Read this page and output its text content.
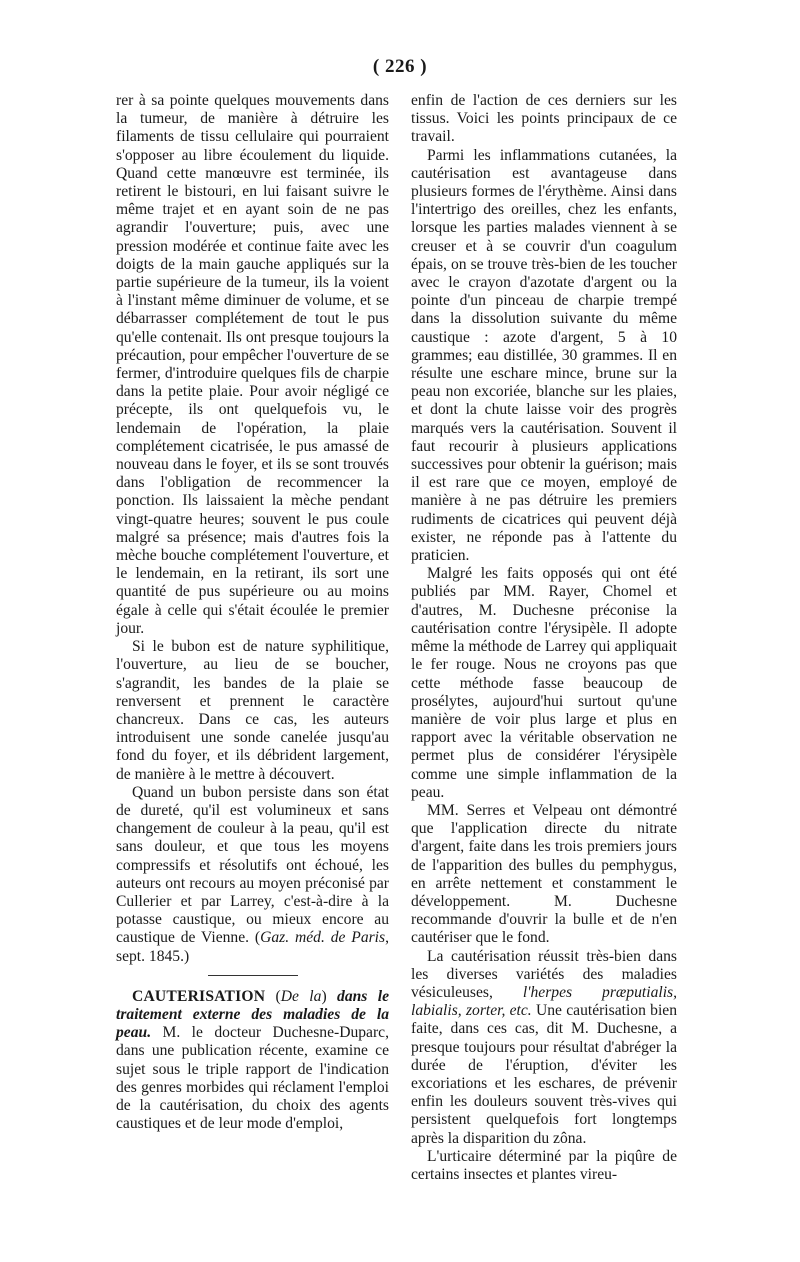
( 226 )

rer à sa pointe quelques mouvements dans la tumeur, de manière à détruire les filaments de tissu cellulaire qui pourraient s'opposer au libre écoulement du liquide. Quand cette manœuvre est terminée, ils retirent le bistouri, en lui faisant suivre le même trajet et en ayant soin de ne pas agrandir l'ouverture; puis, avec une pression modérée et continue faite avec les doigts de la main gauche appliqués sur la partie supérieure de la tumeur, ils la voient à l'instant même diminuer de volume, et se débarrasser complétement de tout le pus qu'elle contenait. Ils ont presque toujours la précaution, pour empêcher l'ouverture de se fermer, d'introduire quelques fils de charpie dans la petite plaie. Pour avoir négligé ce précepte, ils ont quelquefois vu, le lendemain de l'opération, la plaie complétement cicatrisée, le pus amassé de nouveau dans le foyer, et ils se sont trouvés dans l'obligation de recommencer la ponction. Ils laissaient la mèche pendant vingt-quatre heures; souvent le pus coule malgré sa présence; mais d'autres fois la mèche bouche complétement l'ouverture, et le lendemain, en la retirant, ils sort une quantité de pus supérieure ou au moins égale à celle qui s'était écoulée le premier jour.

Si le bubon est de nature syphilitique, l'ouverture, au lieu de se boucher, s'agrandit, les bandes de la plaie se renversent et prennent le caractère chancreux. Dans ce cas, les auteurs introduisent une sonde canelée jusqu'au fond du foyer, et ils débrident largement, de manière à le mettre à découvert.

Quand un bubon persiste dans son état de dureté, qu'il est volumineux et sans changement de couleur à la peau, qu'il est sans douleur, et que tous les moyens compressifs et résolutifs ont échoué, les auteurs ont recours au moyen préconisé par Cullerier et par Larrey, c'est-à-dire à la potasse caustique, ou mieux encore au caustique de Vienne. (Gaz. méd. de Paris, sept. 1845.)

CAUTERISATION (De la) dans le traitement externe des maladies de la peau. M. le docteur Duchesne-Duparc, dans une publication récente, examine ce sujet sous le triple rapport de l'indication des genres morbides qui réclament l'emploi de la cautérisation, du choix des agents caustiques et de leur mode d'emploi,

enfin de l'action de ces derniers sur les tissus. Voici les points principaux de ce travail.

Parmi les inflammations cutanées, la cautérisation est avantageuse dans plusieurs formes de l'érythème. Ainsi dans l'intertrigo des oreilles, chez les enfants, lorsque les parties malades viennent à se creuser et à se couvrir d'un coagulum épais, on se trouve très-bien de les toucher avec le crayon d'azotate d'argent ou la pointe d'un pinceau de charpie trempé dans la dissolution suivante du même caustique : azote d'argent, 5 à 10 grammes; eau distillée, 30 grammes. Il en résulte une eschare mince, brune sur la peau non excoriée, blanche sur les plaies, et dont la chute laisse voir des progrès marqués vers la cautérisation. Souvent il faut recourir à plusieurs applications successives pour obtenir la guérison; mais il est rare que ce moyen, employé de manière à ne pas détruire les premiers rudiments de cicatrices qui peuvent déjà exister, ne réponde pas à l'attente du praticien.

Malgré les faits opposés qui ont été publiés par MM. Rayer, Chomel et d'autres, M. Duchesne préconise la cautérisation contre l'érysipèle. Il adopte même la méthode de Larrey qui appliquait le fer rouge. Nous ne croyons pas que cette méthode fasse beaucoup de prosélytes, aujourd'hui surtout qu'une manière de voir plus large et plus en rapport avec la véritable observation ne permet plus de considérer l'érysipèle comme une simple inflammation de la peau.

MM. Serres et Velpeau ont démontré que l'application directe du nitrate d'argent, faite dans les trois premiers jours de l'apparition des bulles du pemphygus, en arrête nettement et constamment le développement. M. Duchesne recommande d'ouvrir la bulle et de n'en cautériser que le fond.

La cautérisation réussit très-bien dans les diverses variétés des maladies vésiculeuses, l'herpes præputialis, labialis, zorter, etc. Une cautérisation bien faite, dans ces cas, dit M. Duchesne, a presque toujours pour résultat d'abréger la durée de l'éruption, d'éviter les excoriations et les eschares, de prévenir enfin les douleurs souvent très-vives qui persistent quelquefois fort longtemps après la disparition du zôna.

L'urticaire déterminé par la piqûre de certains insectes et plantes vireu-
